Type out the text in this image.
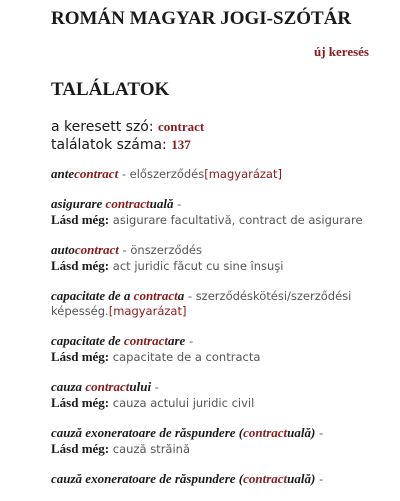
ROMÁN MAGYAR JOGI-SZÓTÁR
új keresés
TALÁLATOK
a keresett szó: contract
találatok száma: 137
antecontract - előszerződés[magyarázat]
asigurare contractuală -
Lásd még: asigurare facultativă, contract de asigurare
autocontract - önszerződés
Lásd még: act juridic făcut cu sine însuşi
capacitate de a contracta - szerződéskötési/szerződési képesség.[magyarázat]
capacitate de contractare -
Lásd még: capacitate de a contracta
cauza contractului -
Lásd még: cauza actului juridic civil
cauză exoneratoare de răspundere (contractuală) -
Lásd még: cauză străină
cauză exoneratoare de răspundere (contractuală) -
